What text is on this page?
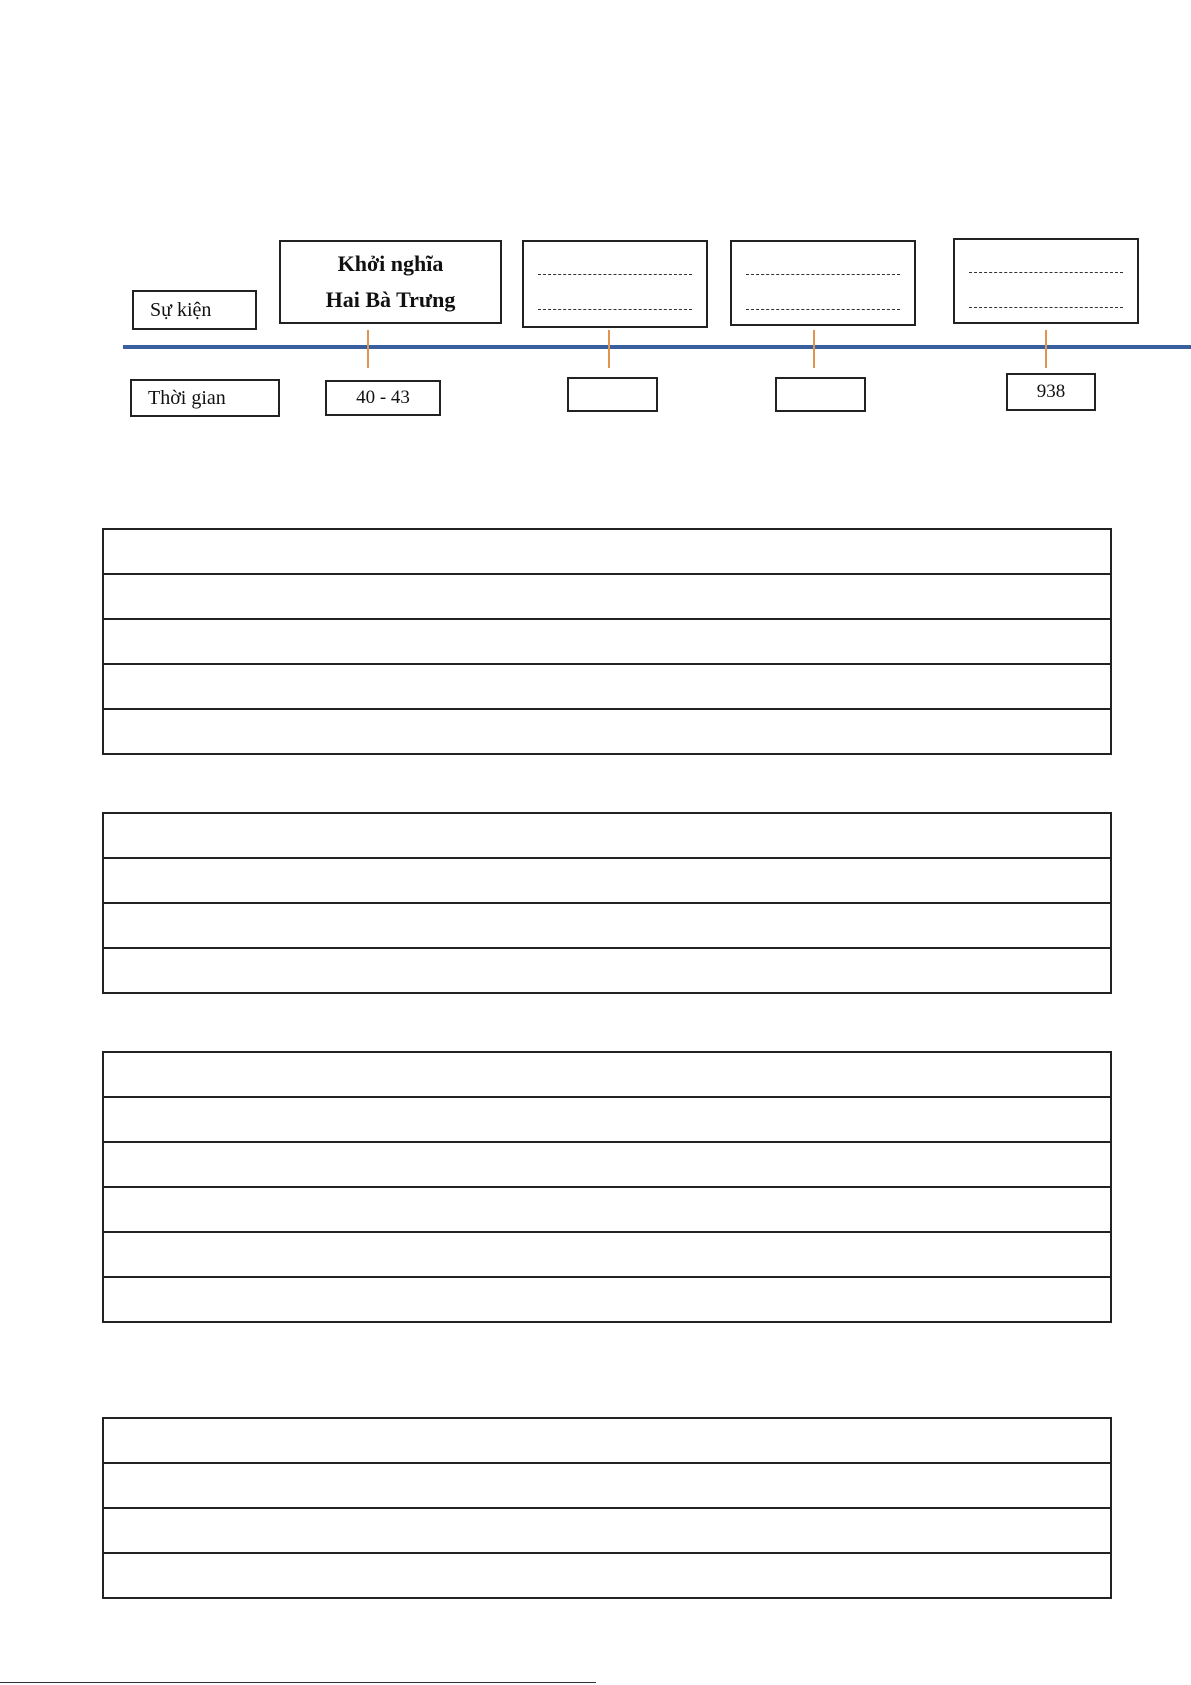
Sự kiện
Thời gian
Khởi nghĩa
Hai Bà Trưng
40 - 43	938
